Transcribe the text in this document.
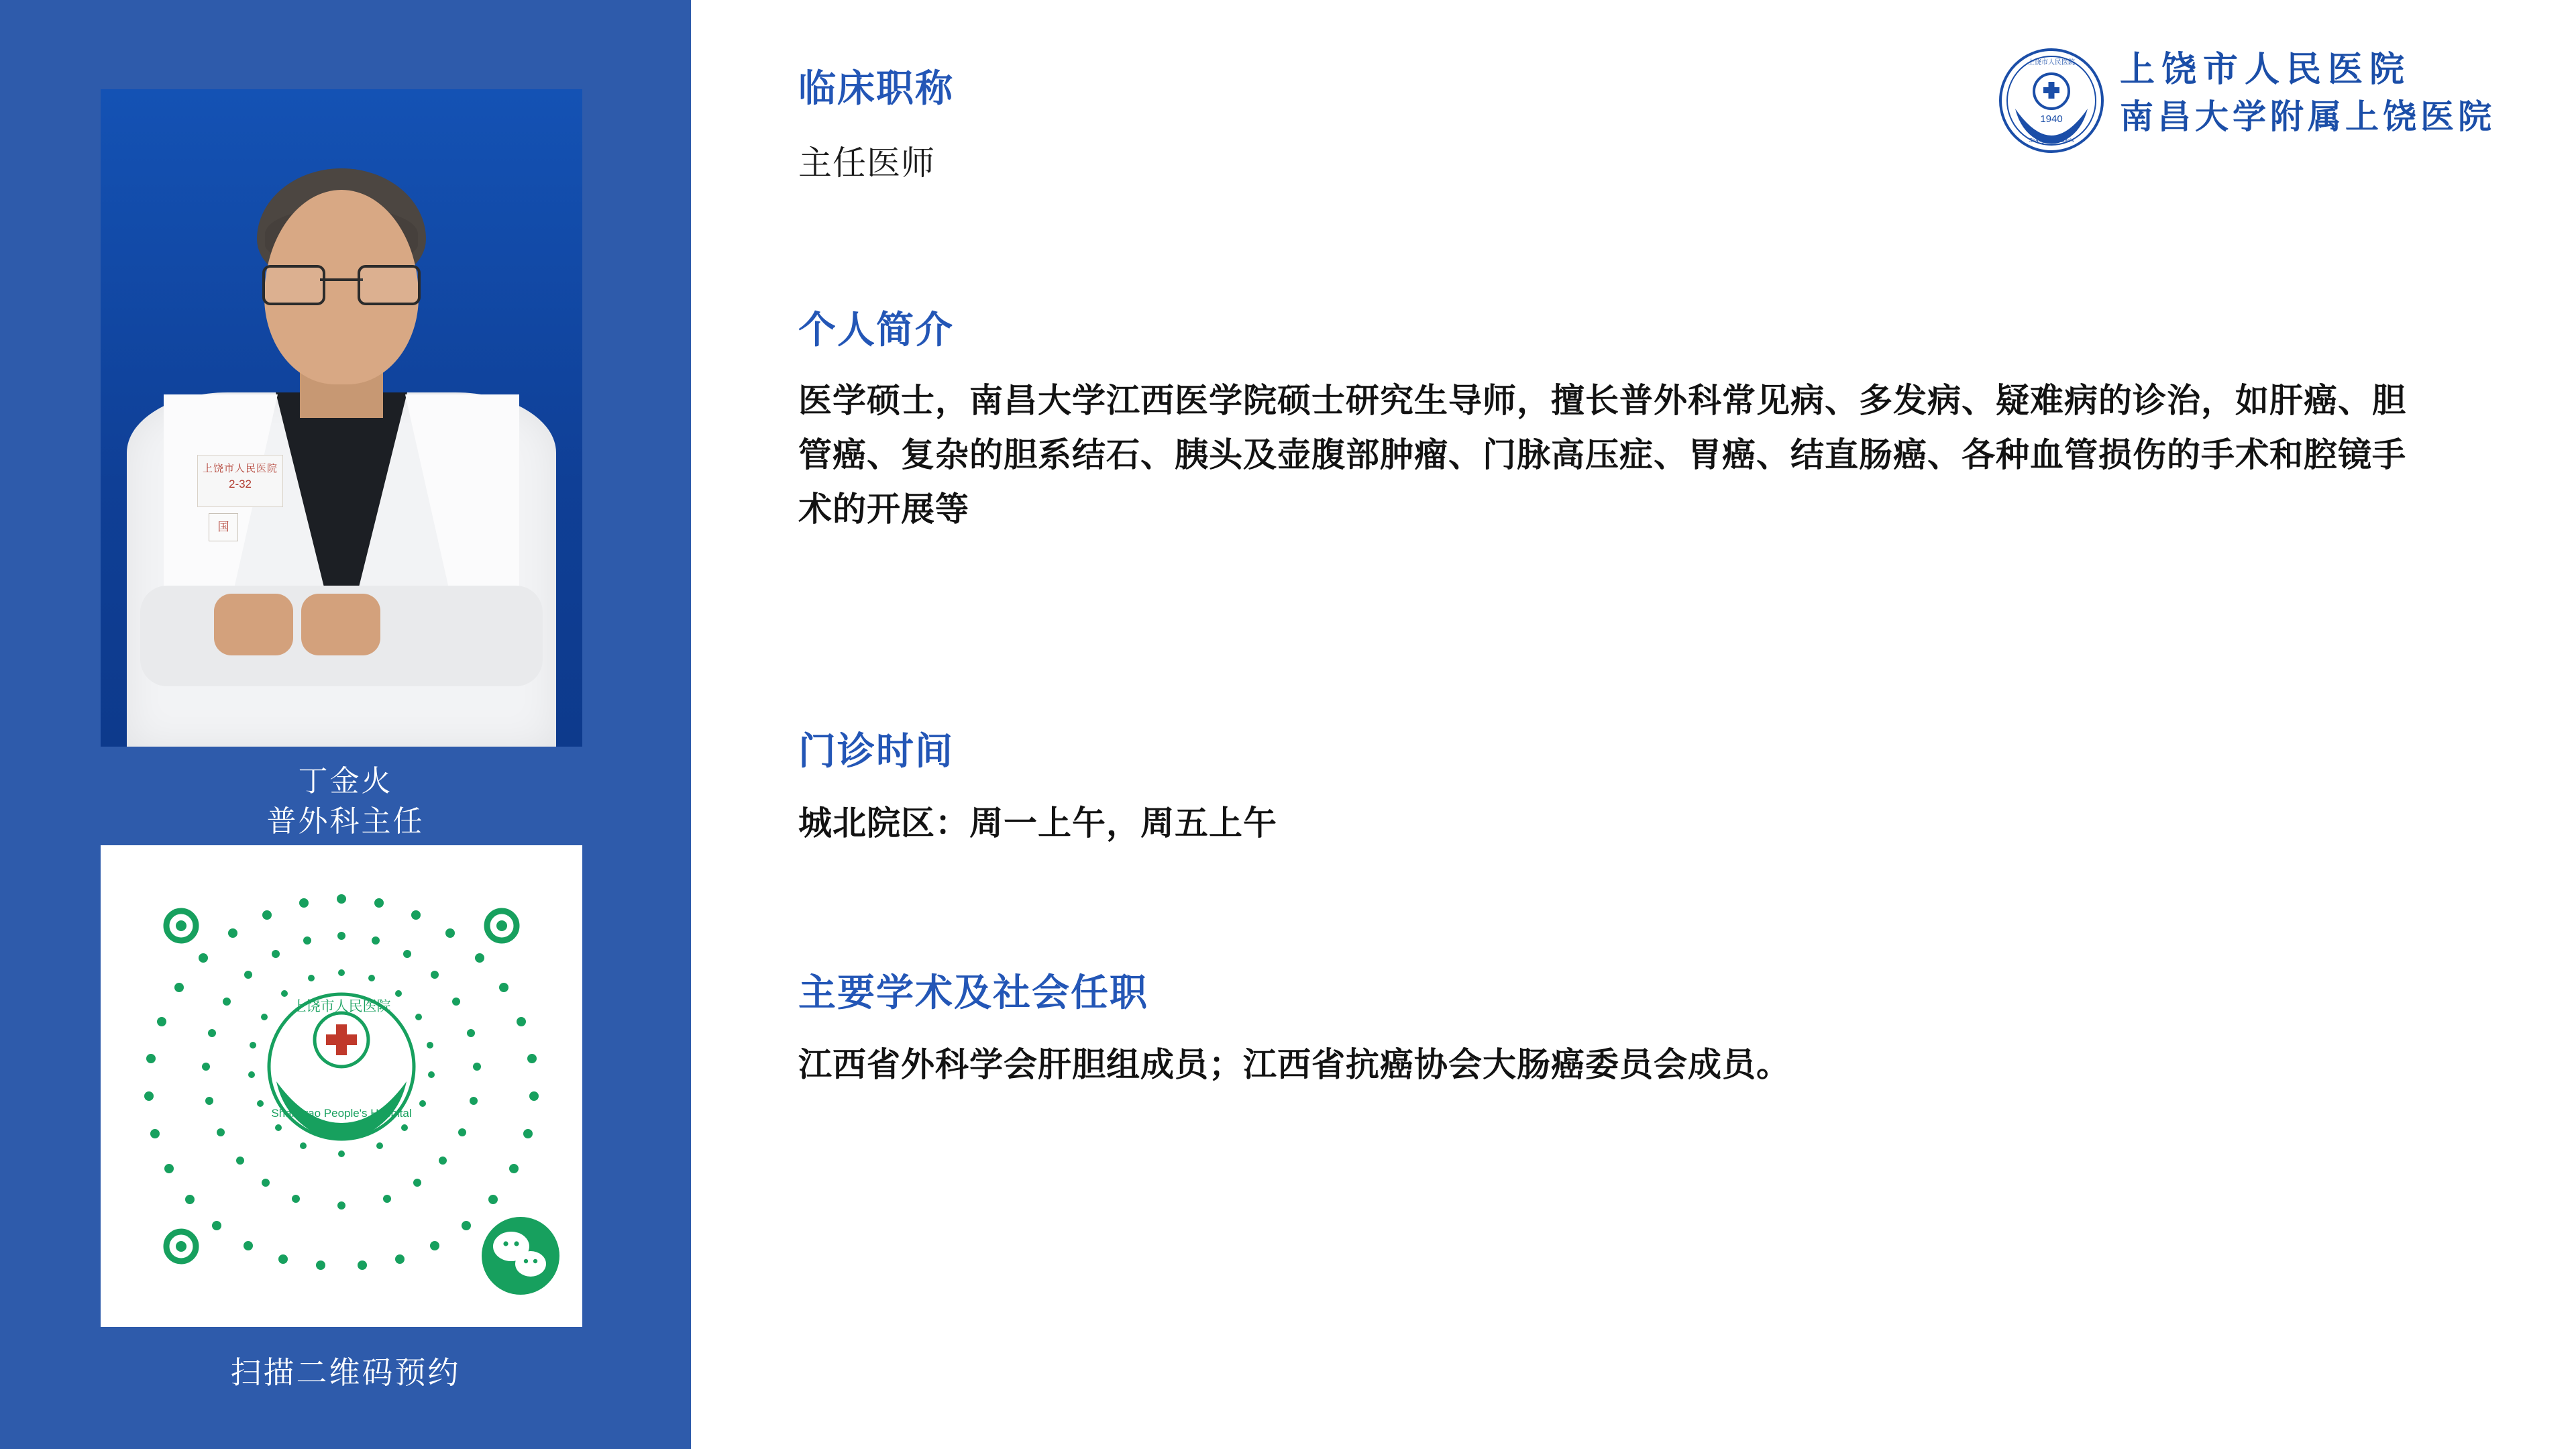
上饶市人民医院
2-32
国
丁金火
普外科主任
上饶市人民医院
Shangrao People's Hospital
扫描二维码预约
1940
上饶市人民医院
Shangrao People's
上饶市人民医院
南昌大学附属上饶医院
临床职称
主任医师
个人简介
医学硕士，南昌大学江西医学院硕士研究生导师，擅长普外科常见病、多发病、疑难病的诊治，如肝癌、胆管癌、复杂的胆系结石、胰头及壶腹部肿瘤、门脉高压症、胃癌、结直肠癌、各种血管损伤的手术和腔镜手术的开展等
门诊时间
城北院区：周一上午，周五上午
主要学术及社会任职
江西省外科学会肝胆组成员；江西省抗癌协会大肠癌委员会成员。
